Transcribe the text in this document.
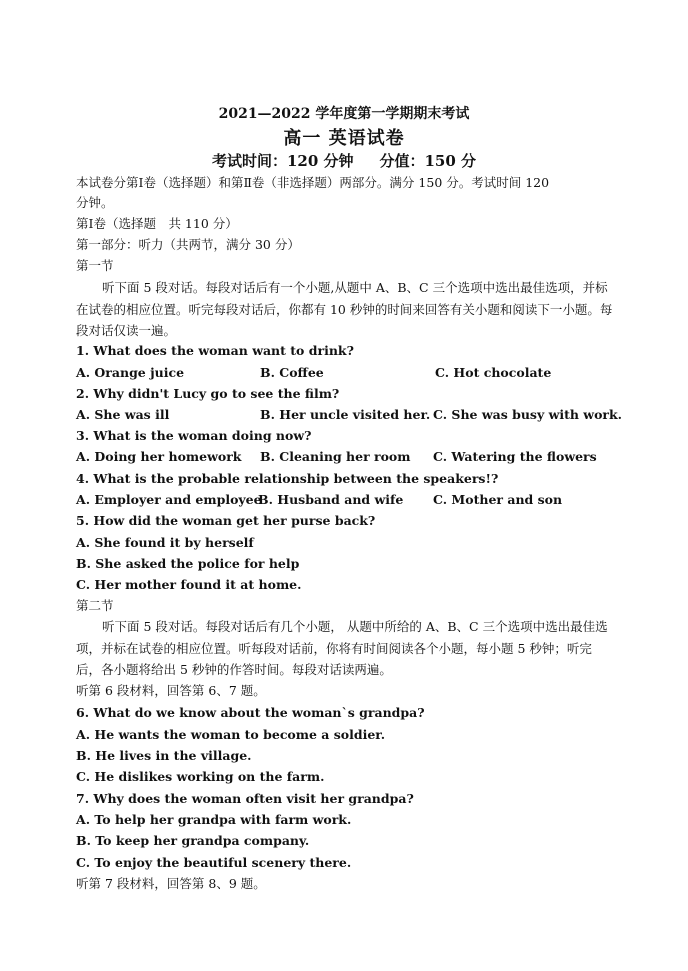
2021—2022 学年度第一学期期末考试
高一 英语试卷
考试时间：120 分钟 分值：150 分
本试卷分第Ⅰ卷（选择题）和第Ⅱ卷（非选择题）两部分。满分 150 分。考试时间 120
分钟。
第Ⅰ卷（选择题　共 110 分）
第一部分：听力（共两节，满分 30 分）
第一节
听下面 5 段对话。每段对话后有一个小题,从题中 A、B、C 三个选项中选出最佳选项，并标在试卷的相应位置。听完每段对话后，你都有 10 秒钟的时间来回答有关小题和阅读下一小题。每段对话仅读一遍。
1. What does the woman want to drink?
A. Orange juice	B. Coffee	C. Hot chocolate
2. Why didn't Lucy go to see the film?
A. She was ill	B. Her uncle visited her. C. She was busy with work.
3. What is the woman doing now?
A. Doing her homework B. Cleaning her room C. Watering the flowers
4. What is the probable relationship between the speakers!?
A. Employer and employee
B. Husband and wife C. Mother and son
5. How did the woman get her purse back?
A. She found it by herself
B. She asked the police for help
C. Her mother found it at home.
第二节
听下面 5 段对话。每段对话后有几个小题， 从题中所给的 A、B、C 三个选项中选出最佳选项，并标在试卷的相应位置。听每段对话前，你将有时间阅读各个小题，每小题 5 秒钟；听完后，各小题将给出 5 秒钟的作答时间。每段对话读两遍。
听第 6 段材料，回答第 6、7 题。
6. What do we know about the woman`s grandpa?
A. He wants the woman to become a soldier.
B. He lives in the village.
C. He dislikes working on the farm.
7. Why does the woman often visit her grandpa?
A. To help her grandpa with farm work.
B. To keep her grandpa company.
C. To enjoy the beautiful scenery there.
听第 7 段材料，回答第 8、9 题。
